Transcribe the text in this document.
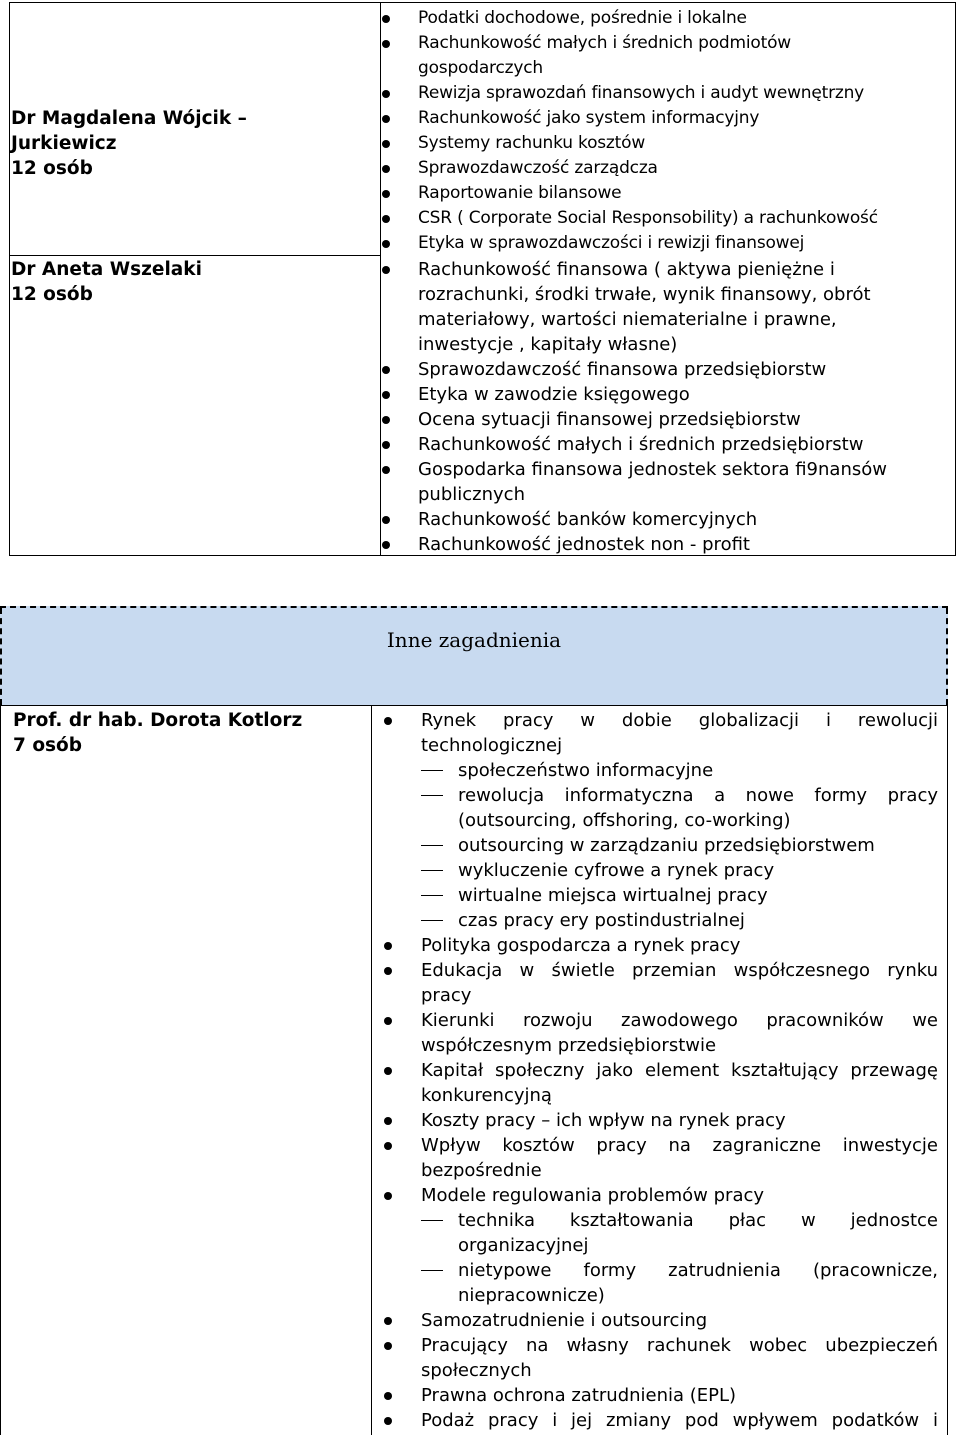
Dr Magdalena Wójcik –
Jurkiewicz
12 osób
Dr Aneta Wszelaki
12 osób
Podatki dochodowe, pośrednie i lokalne
Rachunkowość małych i średnich podmiotów
gospodarczych
Rewizja sprawozdań finansowych i audyt wewnętrzny
Rachunkowość jako system informacyjny
Systemy rachunku kosztów
Sprawozdawczość zarządcza
Raportowanie bilansowe
CSR ( Corporate Social Responsobility) a rachunkowość
Etyka w sprawozdawczości i rewizji finansowej
Rachunkowość finansowa ( aktywa pieniężne i
rozrachunki, środki trwałe, wynik finansowy, obrót
materiałowy, wartości niematerialne i prawne,
inwestycje , kapitały własne)
Sprawozdawczość finansowa przedsiębiorstw
Etyka w zawodzie księgowego
Ocena sytuacji finansowej przedsiębiorstw
Rachunkowość małych i średnich przedsiębiorstw
Gospodarka finansowa jednostek sektora fi9nansów
publicznych
Rachunkowość banków komercyjnych
Rachunkowość jednostek non - profit
Inne zagadnienia
Prof. dr hab. Dorota Kotlorz
7 osób
Rynek pracy w dobie globalizacji i rewolucji
technologicznej
społeczeństwo informacyjne
rewolucja informatyczna a nowe formy pracy
(outsourcing, offshoring, co-working)
outsourcing w zarządzaniu przedsiębiorstwem
wykluczenie cyfrowe a rynek pracy
wirtualne miejsca wirtualnej pracy
czas pracy ery postindustrialnej
Polityka gospodarcza a rynek pracy
Edukacja w świetle przemian współczesnego rynku
pracy
Kierunki rozwoju zawodowego pracowników we
współczesnym przedsiębiorstwie
Kapitał społeczny jako element kształtujący przewagę
konkurencyjną
Koszty pracy – ich wpływ na rynek pracy
Wpływ kosztów pracy na zagraniczne inwestycje
bezpośrednie
Modele regulowania problemów pracy
technika kształtowania płac w jednostce
organizacyjnej
nietypowe formy zatrudnienia (pracownicze,
niepracownicze)
Samozatrudnienie i outsourcing
Pracujący na własny rachunek wobec ubezpieczeń
społecznych
Prawna ochrona zatrudnienia (EPL)
Podaż pracy i jej zmiany pod wpływem podatków i
